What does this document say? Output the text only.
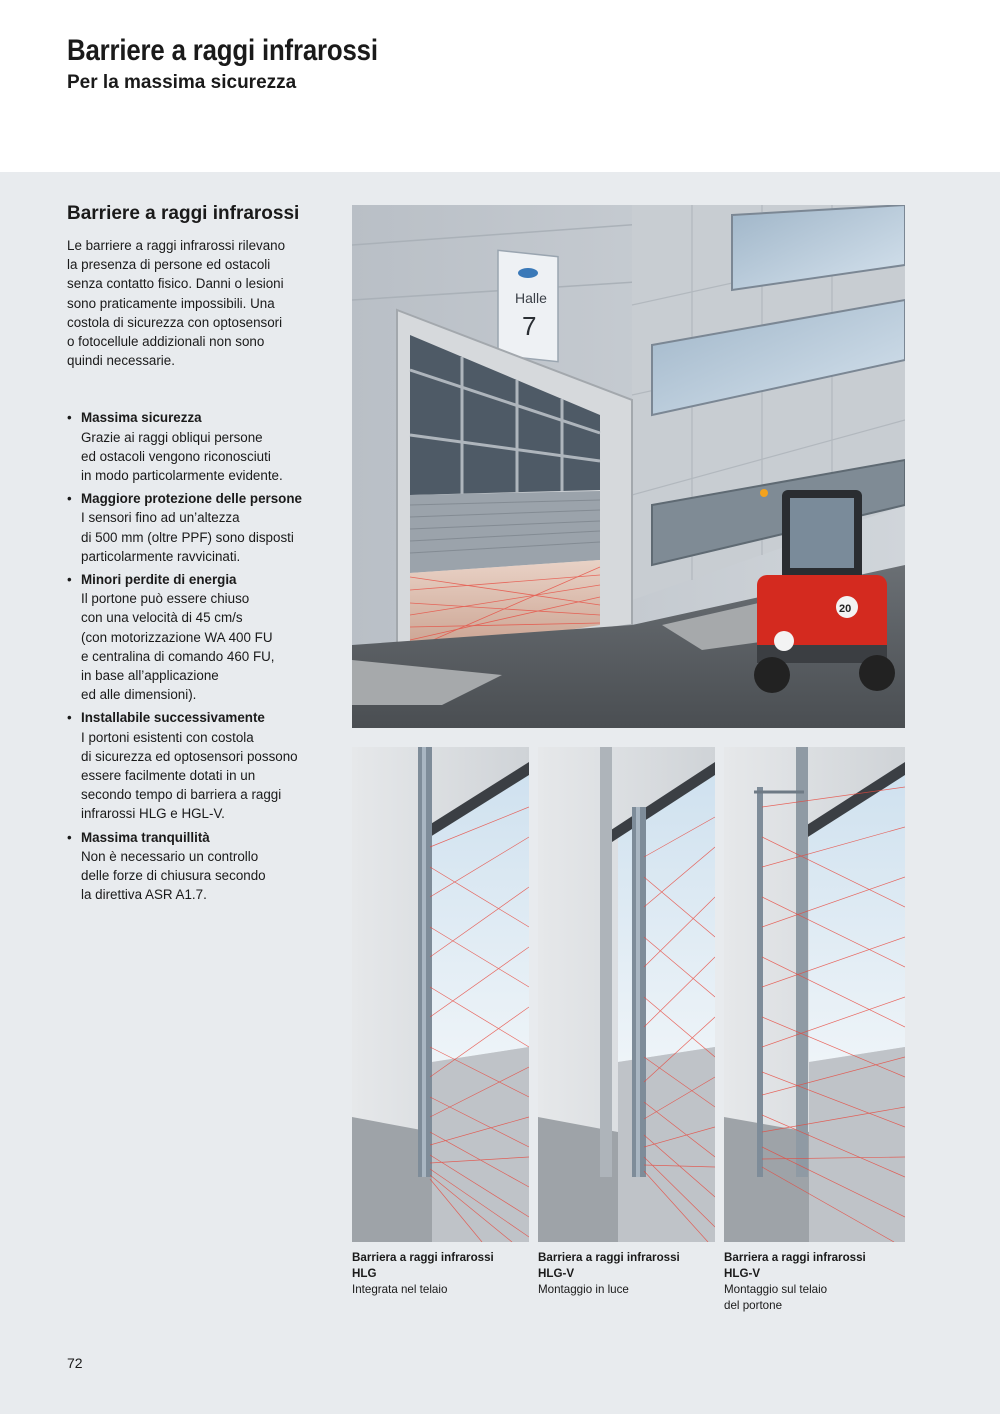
Barriere a raggi infrarossi
Per la massima sicurezza
Barriere a raggi infrarossi

Le barriere a raggi infrarossi rilevano
la presenza di persone ed ostacoli
senza contatto fisico. Danni o lesioni
sono praticamente impossibili. Una
costola di sicurezza con optosensori
o fotocellule addizionali non sono
quindi necessarie.

• Massima sicurezza
Grazie ai raggi obliqui persone
ed ostacoli vengono riconosciuti
in modo particolarmente evidente.
• Maggiore protezione delle persone
I sensori fino ad un’altezza
di 500 mm (oltre PPF) sono disposti
particolarmente ravvicinati.
• Minori perdite di energia
Il portone può essere chiuso
con una velocità di 45 cm/s
(con motorizzazione WA 400 FU
e centralina di comando 460 FU,
in base all’applicazione
ed alle dimensioni).
• Installabile successivamente
I portoni esistenti con costola
di sicurezza ed optosensori possono
essere facilmente dotati in un
secondo tempo di barriera a raggi
infrarossi HLG e HGL-V.
• Massima tranquillità
Non è necessario un controllo
delle forze di chiusura secondo
la direttiva ASR A1.7.
Halle
7
20
Barriera a raggi infrarossi
HLG
Integrata nel telaio
Barriera a raggi infrarossi
HLG-V
Montaggio in luce
Barriera a raggi infrarossi
HLG-V
Montaggio sul telaio
del portone
72
